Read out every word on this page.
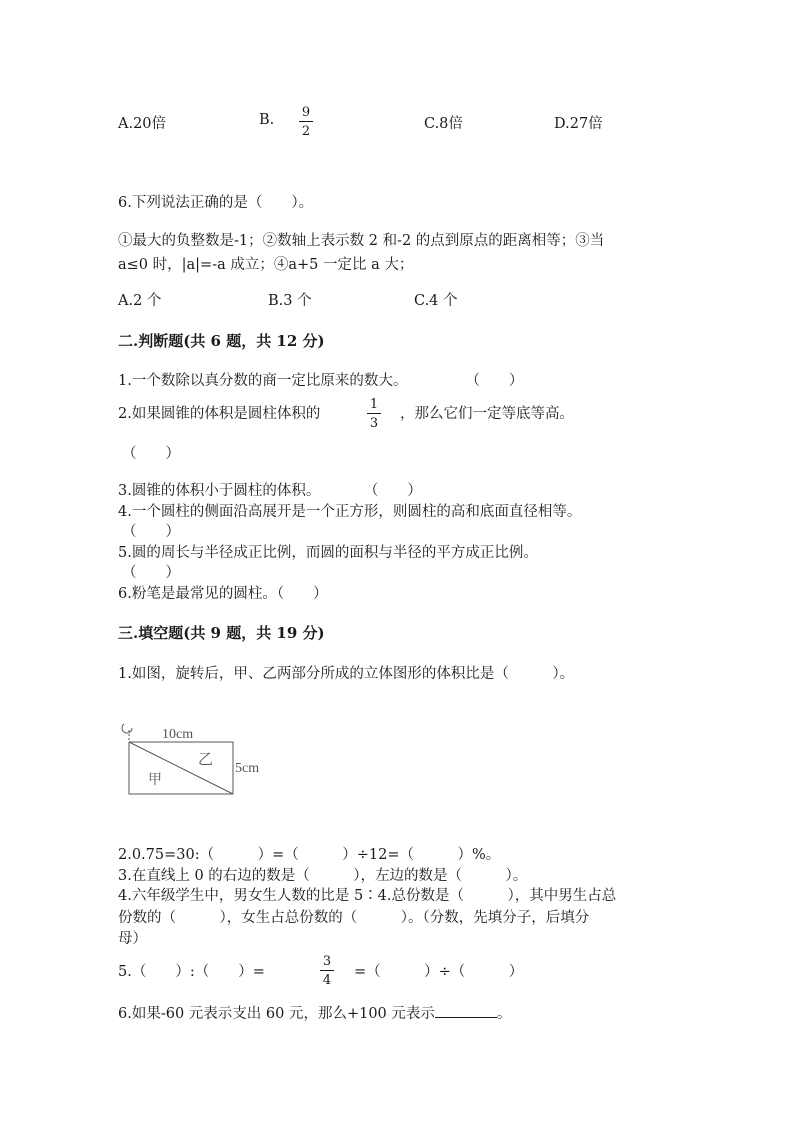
A.20倍	B.	9
2	C.8倍	D.27倍
6.下列说法正确的是（　　）。
①最大的负整数是-1；②数轴上表示数 2 和-2 的点到原点的距离相等；③当
a≤0 时，|a|=-a 成立；④a+5 一定比 a 大；
A.2 个	B.3 个	C.4 个
二.判断题(共 6 题，共 12 分)
1.一个数除以真分数的商一定比原来的数大。　　　　　（　　）
2.如果圆锥的体积是圆柱体积的
1
3
，那么它们一定等底等高。
（　　）
3.圆锥的体积小于圆柱的体积。　　　　（　　）
4.一个圆柱的侧面沿高展开是一个正方形，则圆柱的高和底面直径相等。
（　　）
5.圆的周长与半径成正比例，而圆的面积与半径的平方成正比例。
（　　）
6.粉笔是最常见的圆柱。（　　）
三.填空题(共 9 题，共 19 分)
1.如图，旋转后，甲、乙两部分所成的立体图形的体积比是（　　　）。
10cm
5cm
甲
乙
2.0.75=30:（　　　）=（　　　）÷12=（　　　）%。
3.在直线上 0 的右边的数是（　　　），左边的数是（　　　）。
4.六年级学生中，男女生人数的比是 5∶4.总份数是（　　　），其中男生占总
份数的（　　　），女生占总份数的（　　　）。（分数，先填分子，后填分
母）
5.（　　）:（　　）=
3
4
=（　　　）÷（　　　）
6.如果-60 元表示支出 60 元，那么+100 元表示	。
